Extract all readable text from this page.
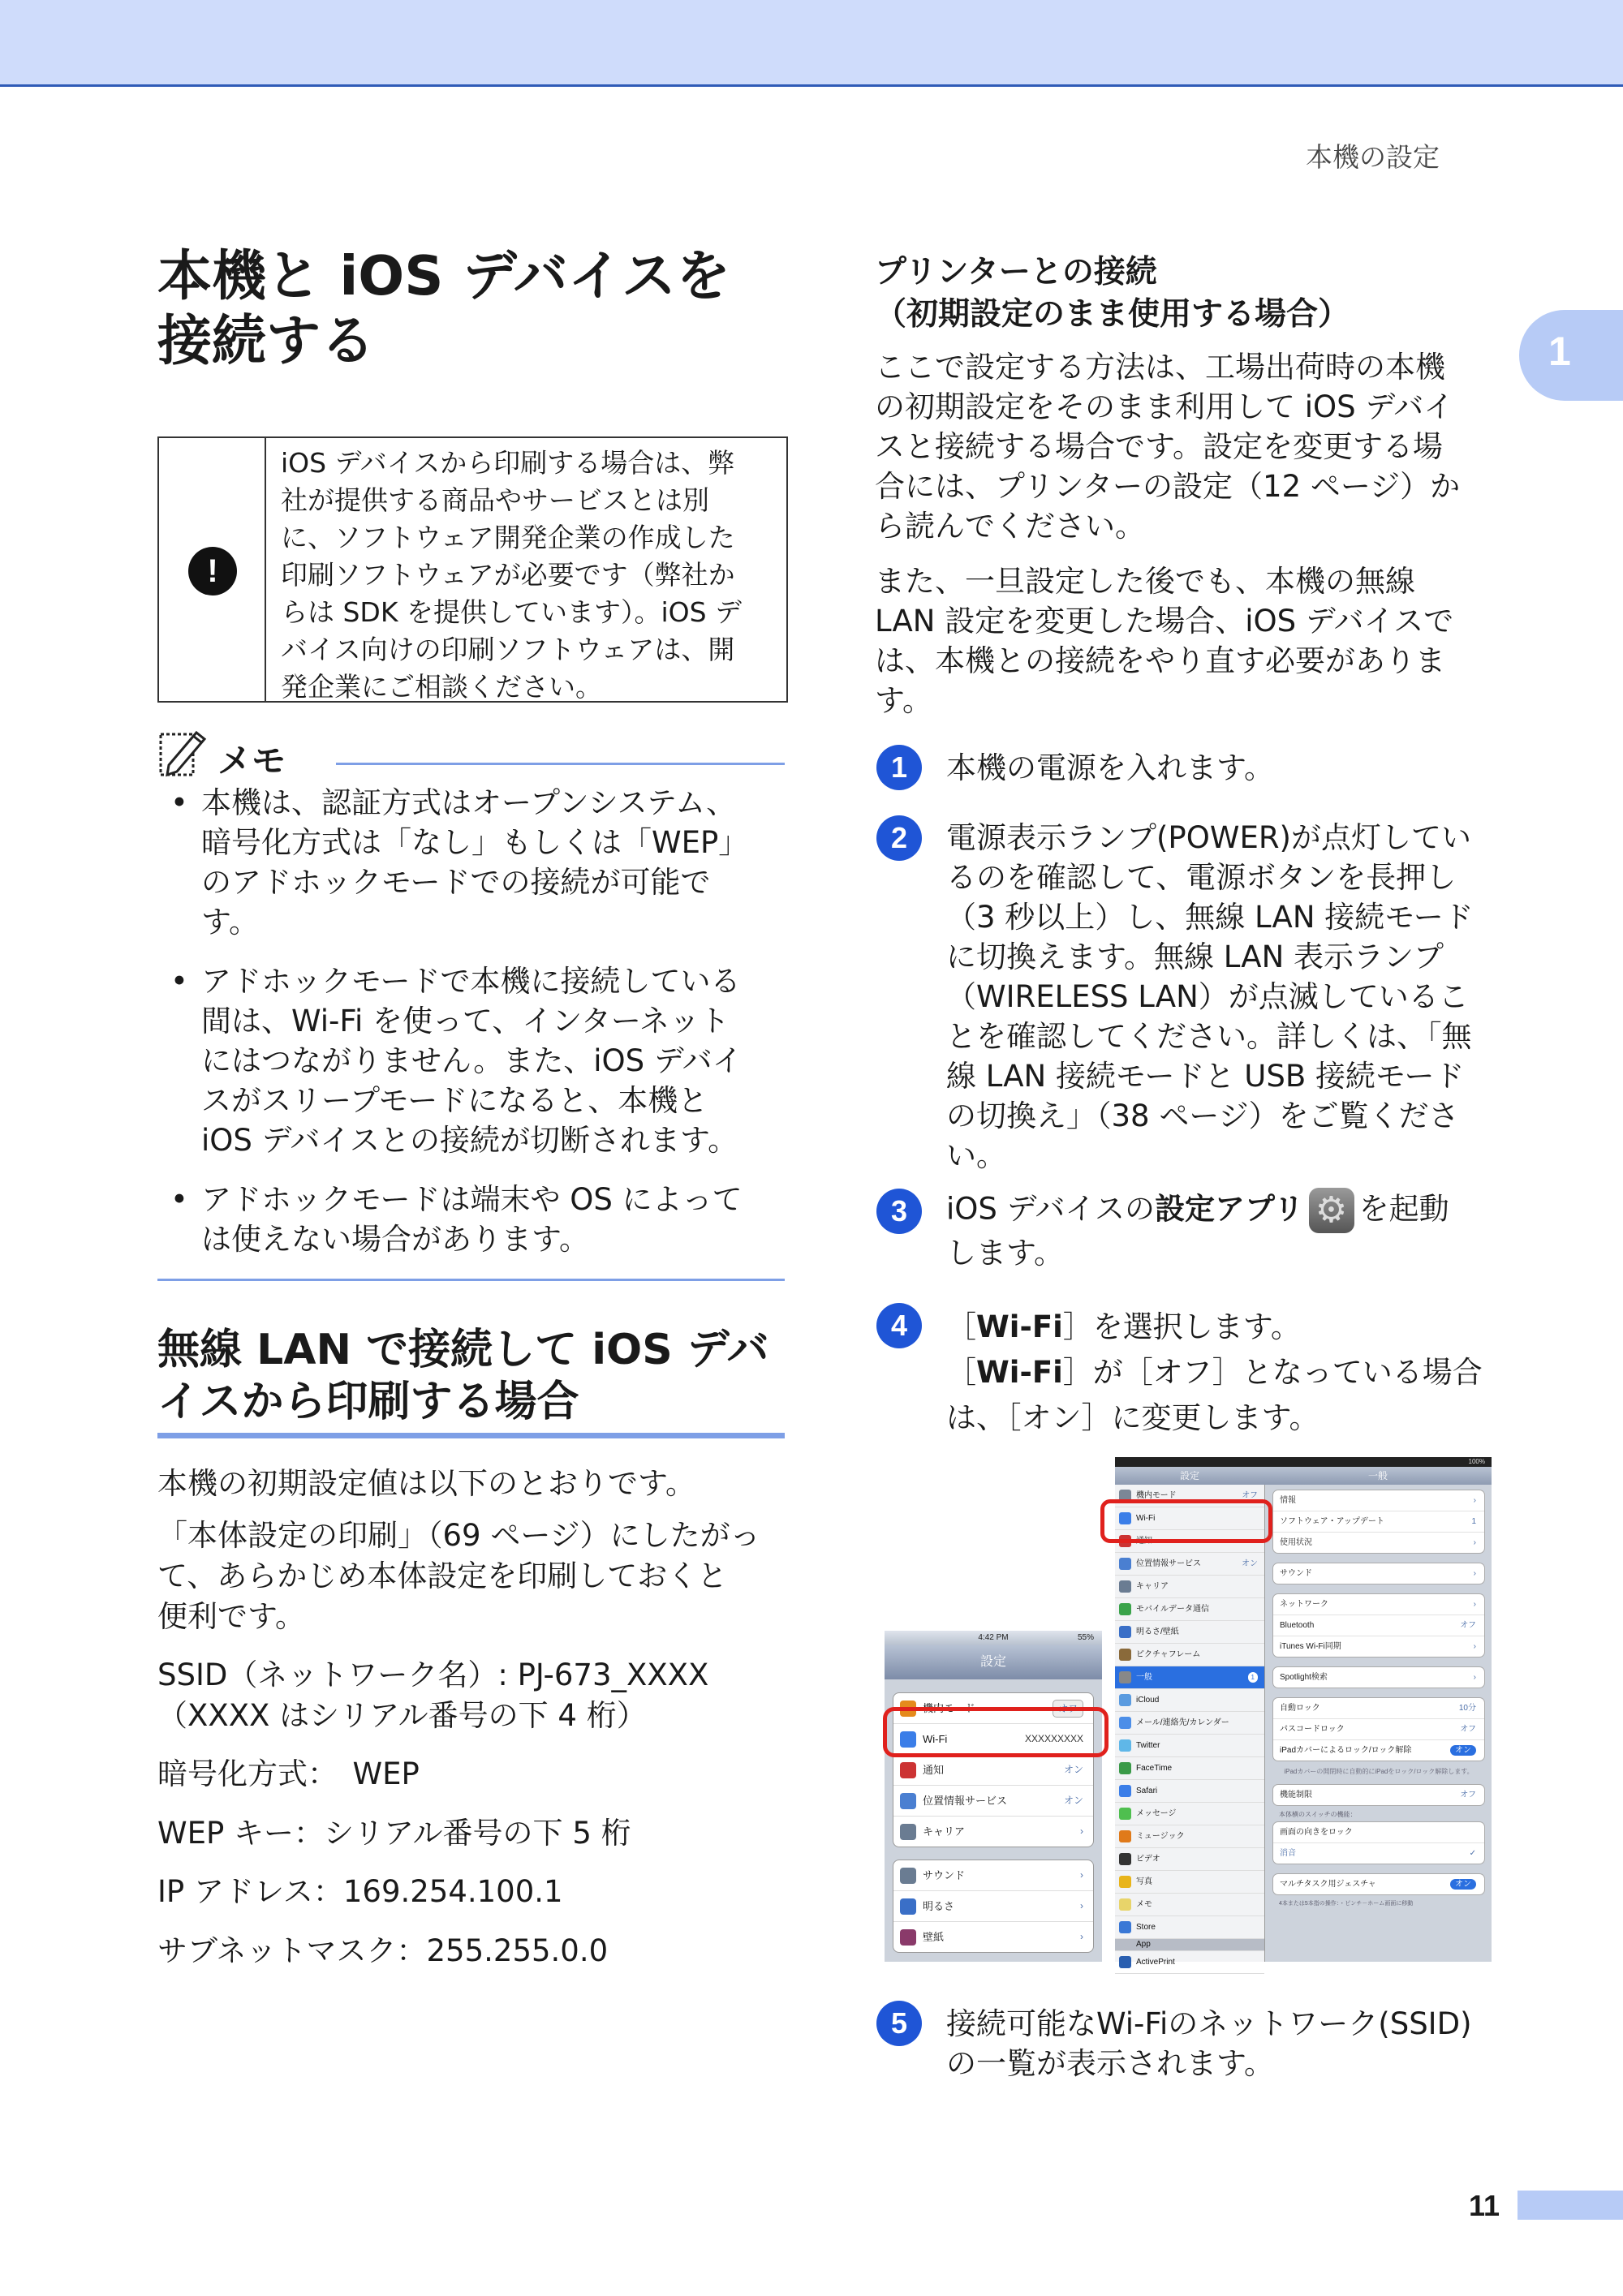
本機の設定
1
本機と iOS デバイスを
接続する
!
iOS デバイスから印刷する場合は、弊
社が提供する商品やサービスとは別
に、ソフトウェア開発企業の作成した
印刷ソフトウェアが必要です（弊社か
らは SDK を提供しています）。iOS デ
バイス向けの印刷ソフトウェアは、開
発企業にご相談ください。
メモ
• 本機は、認証方式はオープンシステム、
暗号化方式は「なし」もしくは「WEP」
のアドホックモードでの接続が可能で
す。
• アドホックモードで本機に接続している
間は、Wi-Fi を使って、インターネット
にはつながりません。また、iOS デバイ
スがスリープモードになると、本機と
iOS デバイスとの接続が切断されます。
• アドホックモードは端末や OS によって
は使えない場合があります。
無線 LAN で接続して iOS デバ
イスから印刷する場合
本機の初期設定値は以下のとおりです。
「本体設定の印刷」（69 ページ）にしたがっ
て、あらかじめ本体設定を印刷しておくと
便利です。
SSID（ネットワーク名）: PJ-673_XXXX
（XXXX はシリアル番号の下 4 桁）
暗号化方式：　WEP
WEP キー：シリアル番号の下 5 桁
IP アドレス：169.254.100.1
サブネットマスク：255.255.0.0
プリンターとの接続
（初期設定のまま使用する場合）
ここで設定する方法は、工場出荷時の本機
の初期設定をそのまま利用して iOS デバイ
スと接続する場合です。設定を変更する場
合には、プリンターの設定（12 ページ）か
ら読んでください。
また、一旦設定した後でも、本機の無線
LAN 設定を変更した場合、iOS デバイスで
は、本機との接続をやり直す必要がありま
す。
1	本機の電源を入れます。
2	電源表示ランプ(POWER)が点灯してい
るのを確認して、電源ボタンを長押し
（3 秒以上）し、無線 LAN 接続モード
に切換えます。無線 LAN 表示ランプ
（WIRELESS LAN）が点滅しているこ
とを確認してください。詳しくは、「無
線 LAN 接続モードと USB 接続モード
の切換え」（38 ページ）をご覧くださ
い。
3	iOS デバイスの設定アプリ ⚙ を起動
します。
4	［Wi-Fi］を選択します。
［Wi-Fi］が［オフ］となっている場合
は、［オン］に変更します。
100%
設定	一般
機内モード	オフ
Wi-Fi
通知
位置情報サービス	オン
キャリア
モバイルデータ通信
明るさ/壁紙
ピクチャフレーム
一般	1
iCloud
メール/連絡先/カレンダー
Twitter
FaceTime
Safari
メッセージ
ミュージック
ビデオ
写真
メモ
Store
App
ActivePrint
情報	›
ソフトウェア・アップデート	1
使用状況	›
サウンド	›
ネットワーク	›
Bluetooth	オフ
iTunes Wi-Fi同期	›
Spotlight検索	›
自動ロック	10分
パスコードロック	オフ
iPadカバーによるロック/ロック解除	オン
iPadカバーの開閉時に自動的にiPadをロック/ロック解除します。
機能制限	オフ
本体横のスイッチの機能：
画面の向きをロック
消音	✓
マルチタスク用ジェスチャ	オン
4本または5本指の操作：・ピンチ－ホーム画面に移動
4:42 PM	55%
設定
機内モード	オフ
Wi-Fi	XXXXXXXXX
通知	オン
位置情報サービス	オン
キャリア	›
サウンド	›
明るさ	›
壁紙	›
5	接続可能なWi-Fiのネットワーク(SSID)
の一覧が表示されます。
11
